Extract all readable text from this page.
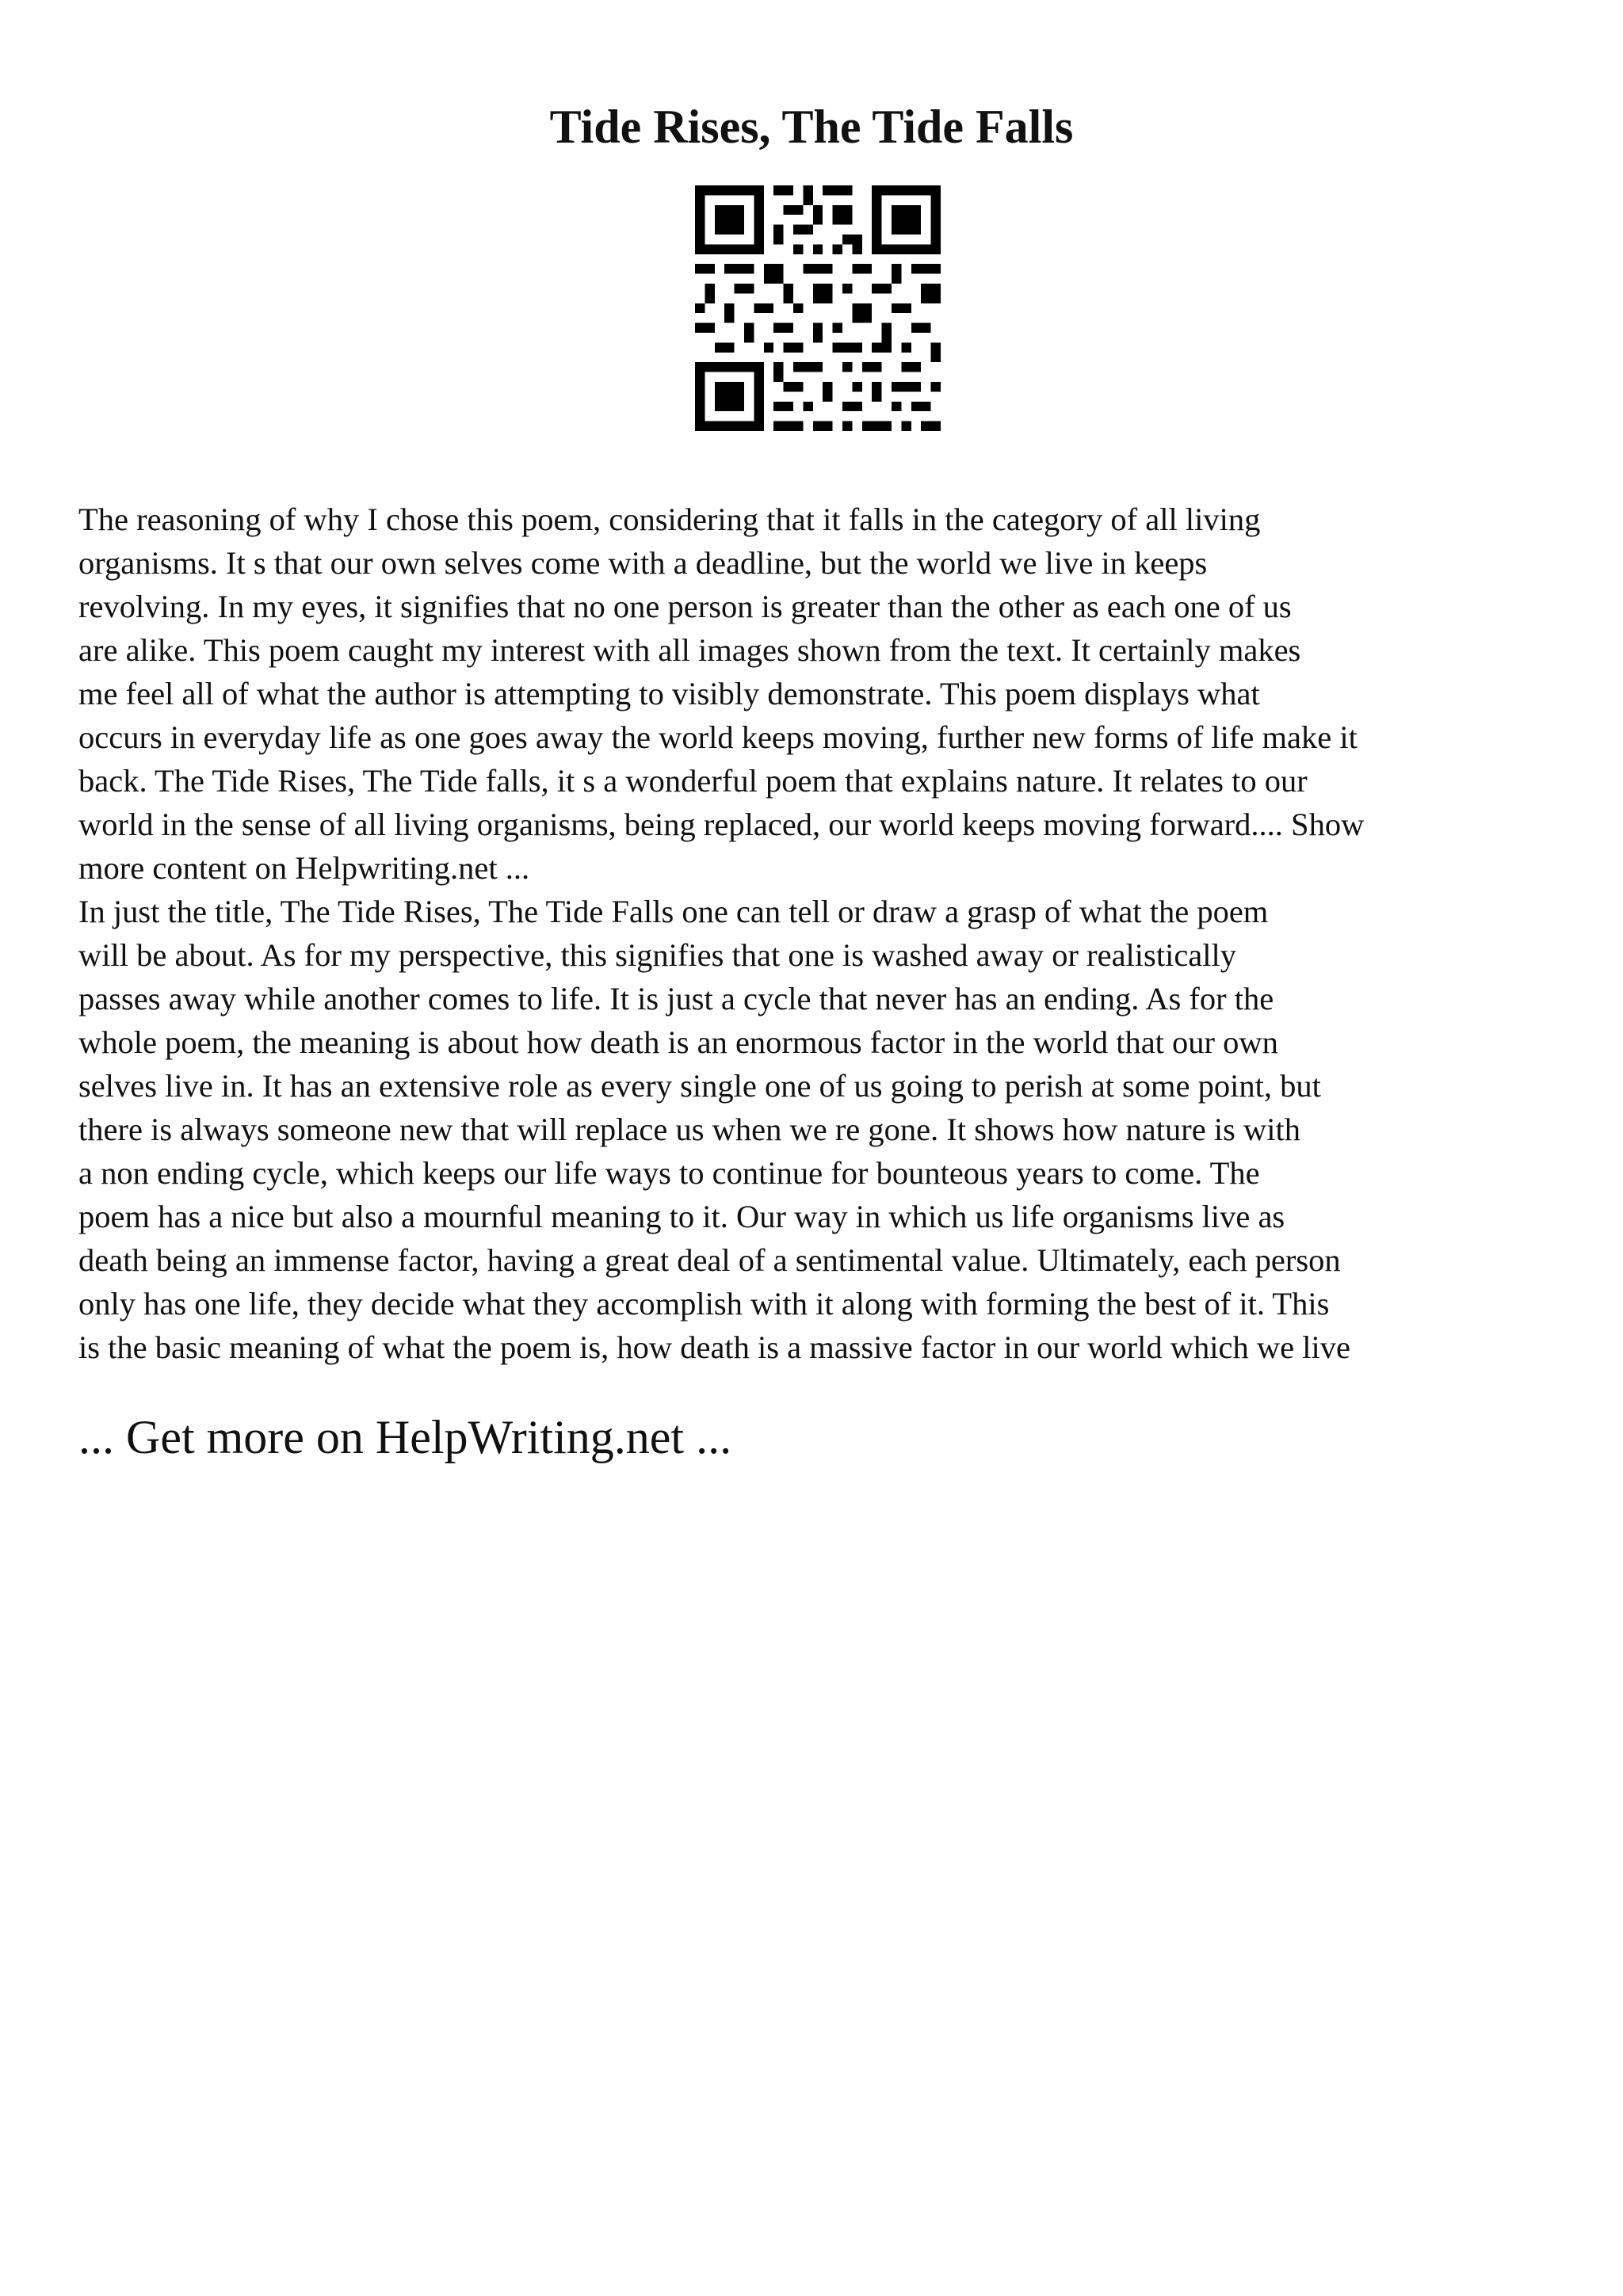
Tide Rises, The Tide Falls
The reasoning of why I chose this poem, considering that it falls in the category of all living
organisms. It s that our own selves come with a deadline, but the world we live in keeps
revolving. In my eyes, it signifies that no one person is greater than the other as each one of us
are alike. This poem caught my interest with all images shown from the text. It certainly makes
me feel all of what the author is attempting to visibly demonstrate. This poem displays what
occurs in everyday life as one goes away the world keeps moving, further new forms of life make it
back. The Tide Rises, The Tide falls, it s a wonderful poem that explains nature. It relates to our
world in the sense of all living organisms, being replaced, our world keeps moving forward.... Show
more content on Helpwriting.net ...
In just the title, The Tide Rises, The Tide Falls one can tell or draw a grasp of what the poem
will be about. As for my perspective, this signifies that one is washed away or realistically
passes away while another comes to life. It is just a cycle that never has an ending. As for the
whole poem, the meaning is about how death is an enormous factor in the world that our own
selves live in. It has an extensive role as every single one of us going to perish at some point, but
there is always someone new that will replace us when we re gone. It shows how nature is with
a non ending cycle, which keeps our life ways to continue for bounteous years to come. The
poem has a nice but also a mournful meaning to it. Our way in which us life organisms live as
death being an immense factor, having a great deal of a sentimental value. Ultimately, each person
only has one life, they decide what they accomplish with it along with forming the best of it. This
is the basic meaning of what the poem is, how death is a massive factor in our world which we live
... Get more on HelpWriting.net ...
